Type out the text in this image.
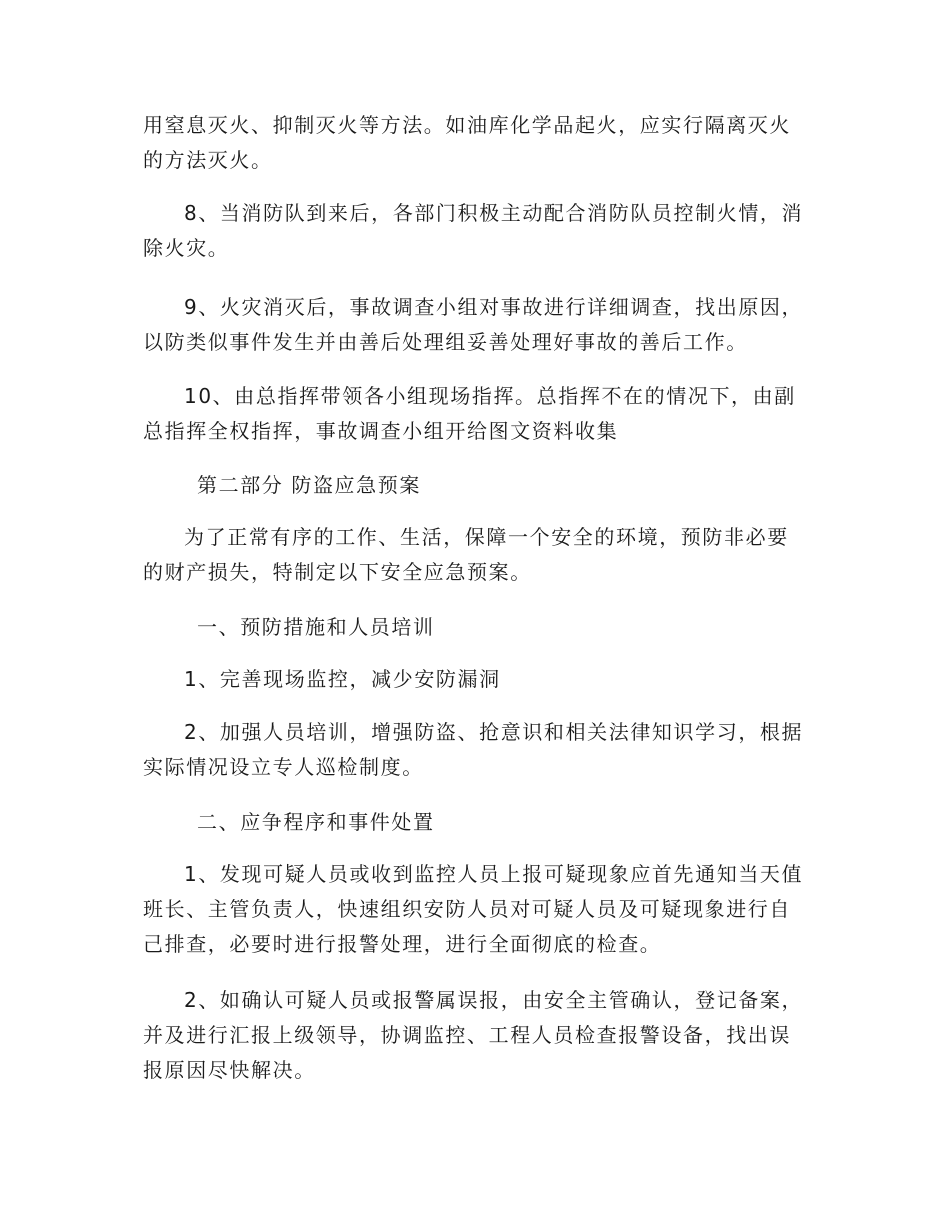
用窒息灭火、抑制灭火等方法。如油库化学品起火，应实行隔离灭火
的方法灭火。
8、当消防队到来后，各部门积极主动配合消防队员控制火情，消
除火灾。
9、火灾消灭后，事故调查小组对事故进行详细调查，找出原因，
以防类似事件发生并由善后处理组妥善处理好事故的善后工作。
10、由总指挥带领各小组现场指挥。总指挥不在的情况下，由副
总指挥全权指挥，事故调查小组开给图文资料收集
第二部分 防盗应急预案
为了正常有序的工作、生活，保障一个安全的环境，预防非必要
的财产损失，特制定以下安全应急预案。
一、预防措施和人员培训
1、完善现场监控，减少安防漏洞
2、加强人员培训，增强防盗、抢意识和相关法律知识学习，根据
实际情况设立专人巡检制度。
二、应争程序和事件处置
1、发现可疑人员或收到监控人员上报可疑现象应首先通知当天值
班长、主管负责人，快速组织安防人员对可疑人员及可疑现象进行自
己排查，必要时进行报警处理，进行全面彻底的检查。
2、如确认可疑人员或报警属误报，由安全主管确认，登记备案，
并及进行汇报上级领导，协调监控、工程人员检查报警设备，找出误
报原因尽快解决。
